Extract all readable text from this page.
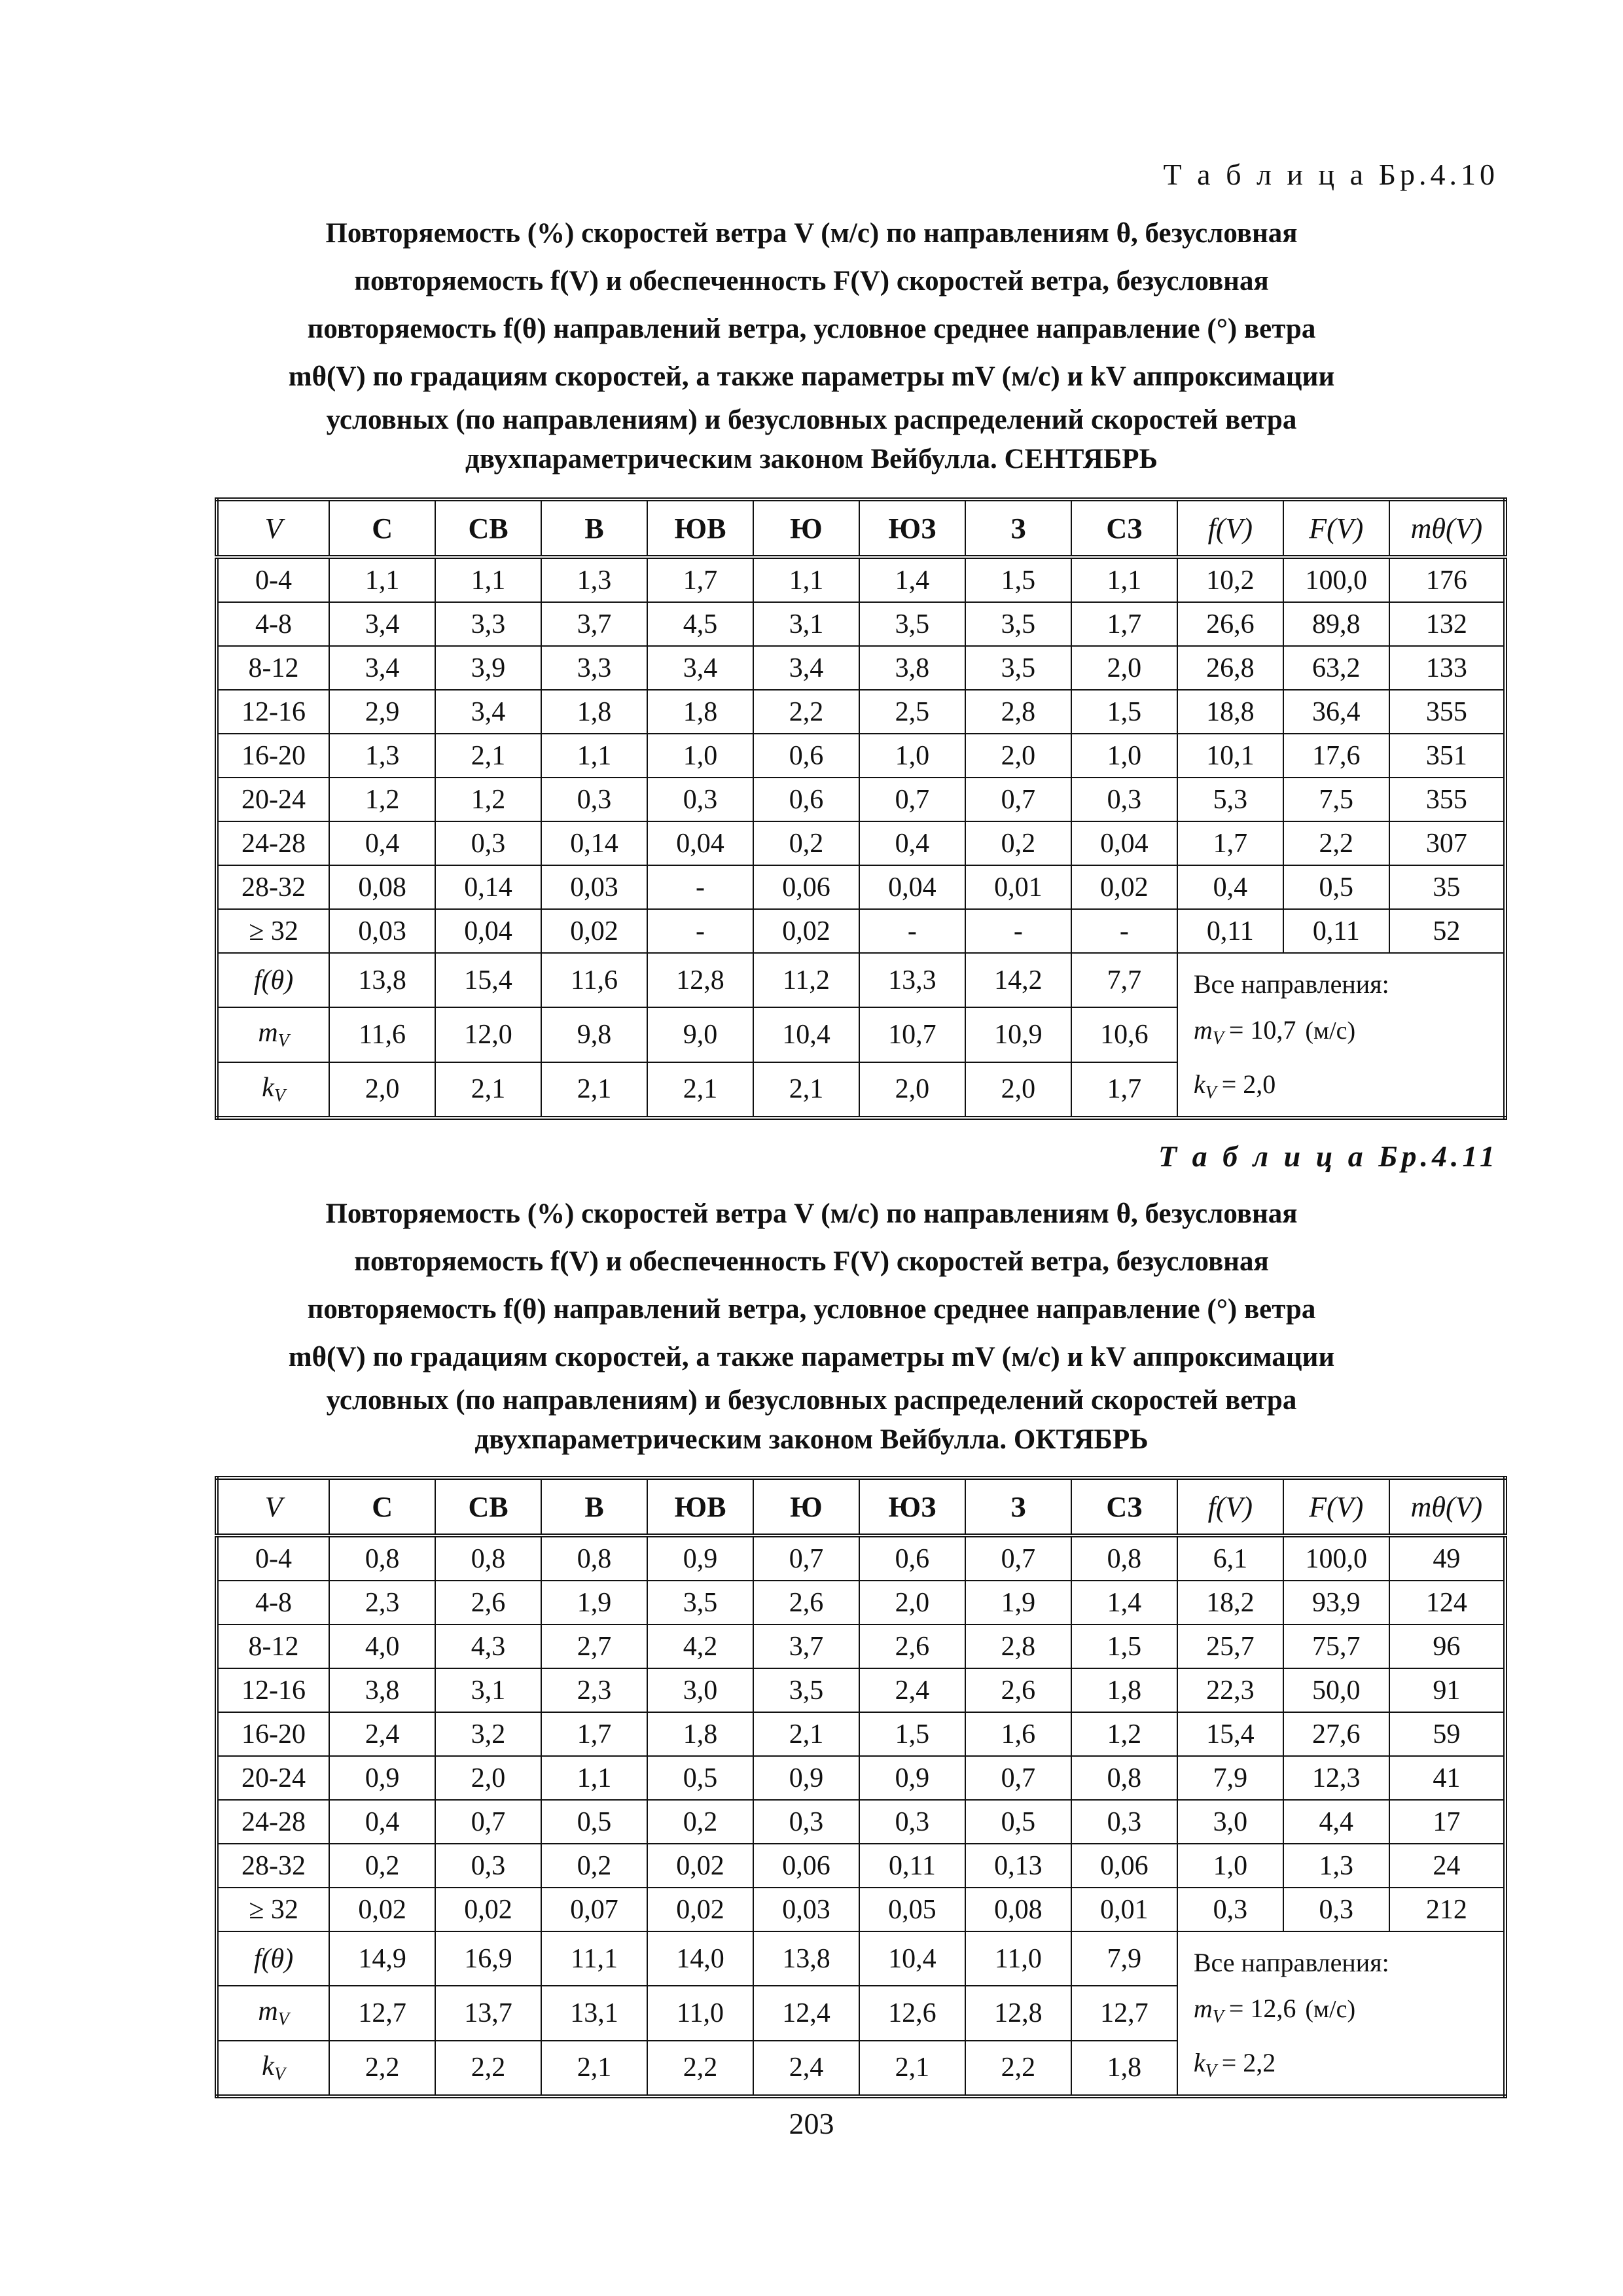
Т а б л и ц а Бр.4.10
Повторяемость (%) скоростей ветра V (м/с) по направлениям θ, безусловная
повторяемость f(V) и обеспеченность F(V) скоростей ветра, безусловная
повторяемость f(θ) направлений ветра, условное среднее направление (°) ветра
mθ(V) по градациям скоростей, а также параметры mV (м/с) и kV аппроксимации
условных (по направлениям) и безусловных распределений скоростей ветра
двухпараметрическим законом Вейбулла. СЕНТЯБРЬ
V	С	СВ	В	ЮВ	Ю	ЮЗ	З	СЗ	f(V)	F(V)	mθ(V)
0-4	1,1	1,1	1,3	1,7	1,1	1,4	1,5	1,1	10,2	100,0	176
4-8	3,4	3,3	3,7	4,5	3,1	3,5	3,5	1,7	26,6	89,8	132
8-12	3,4	3,9	3,3	3,4	3,4	3,8	3,5	2,0	26,8	63,2	133
12-16	2,9	3,4	1,8	1,8	2,2	2,5	2,8	1,5	18,8	36,4	355
16-20	1,3	2,1	1,1	1,0	0,6	1,0	2,0	1,0	10,1	17,6	351
20-24	1,2	1,2	0,3	0,3	0,6	0,7	0,7	0,3	5,3	7,5	355
24-28	0,4	0,3	0,14	0,04	0,2	0,4	0,2	0,04	1,7	2,2	307
28-32	0,08	0,14	0,03	-	0,06	0,04	0,01	0,02	0,4	0,5	35
≥ 32	0,03	0,04	0,02	-	0,02	-	-	-	0,11	0,11	52
f(θ)	13,8	15,4	11,6	12,8	11,2	13,3	14,2	7,7	Все направления:
$m_V = 10,7$ (м/с)
$k_V = 2,0$		

$m_V$	11,6	12,0	9,8	9,0	10,4	10,7	10,9	10,6			
$k_V$	2,0	2,1	2,1	2,1	2,1	2,0	2,0	1,7			
Т а б л и ц а Бр.4.11
Повторяемость (%) скоростей ветра V (м/с) по направлениям θ, безусловная
повторяемость f(V) и обеспеченность F(V) скоростей ветра, безусловная
повторяемость f(θ) направлений ветра, условное среднее направление (°) ветра
mθ(V) по градациям скоростей, а также параметры mV (м/с) и kV аппроксимации
условных (по направлениям) и безусловных распределений скоростей ветра
двухпараметрическим законом Вейбулла. ОКТЯБРЬ
V	С	СВ	В	ЮВ	Ю	ЮЗ	З	СЗ	f(V)	F(V)	mθ(V)
0-4	0,8	0,8	0,8	0,9	0,7	0,6	0,7	0,8	6,1	100,0	49
4-8	2,3	2,6	1,9	3,5	2,6	2,0	1,9	1,4	18,2	93,9	124
8-12	4,0	4,3	2,7	4,2	3,7	2,6	2,8	1,5	25,7	75,7	96
12-16	3,8	3,1	2,3	3,0	3,5	2,4	2,6	1,8	22,3	50,0	91
16-20	2,4	3,2	1,7	1,8	2,1	1,5	1,6	1,2	15,4	27,6	59
20-24	0,9	2,0	1,1	0,5	0,9	0,9	0,7	0,8	7,9	12,3	41
24-28	0,4	0,7	0,5	0,2	0,3	0,3	0,5	0,3	3,0	4,4	17
28-32	0,2	0,3	0,2	0,02	0,06	0,11	0,13	0,06	1,0	1,3	24
≥ 32	0,02	0,02	0,07	0,02	0,03	0,05	0,08	0,01	0,3	0,3	212
f(θ)	14,9	16,9	11,1	14,0	13,8	10,4	11,0	7,9	Все направления:
$m_V = 12,6$ (м/с)
$k_V = 2,2$		

$m_V$	12,7	13,7	13,1	11,0	12,4	12,6	12,8	12,7			
$k_V$	2,2	2,2	2,1	2,2	2,4	2,1	2,2	1,8			
203
